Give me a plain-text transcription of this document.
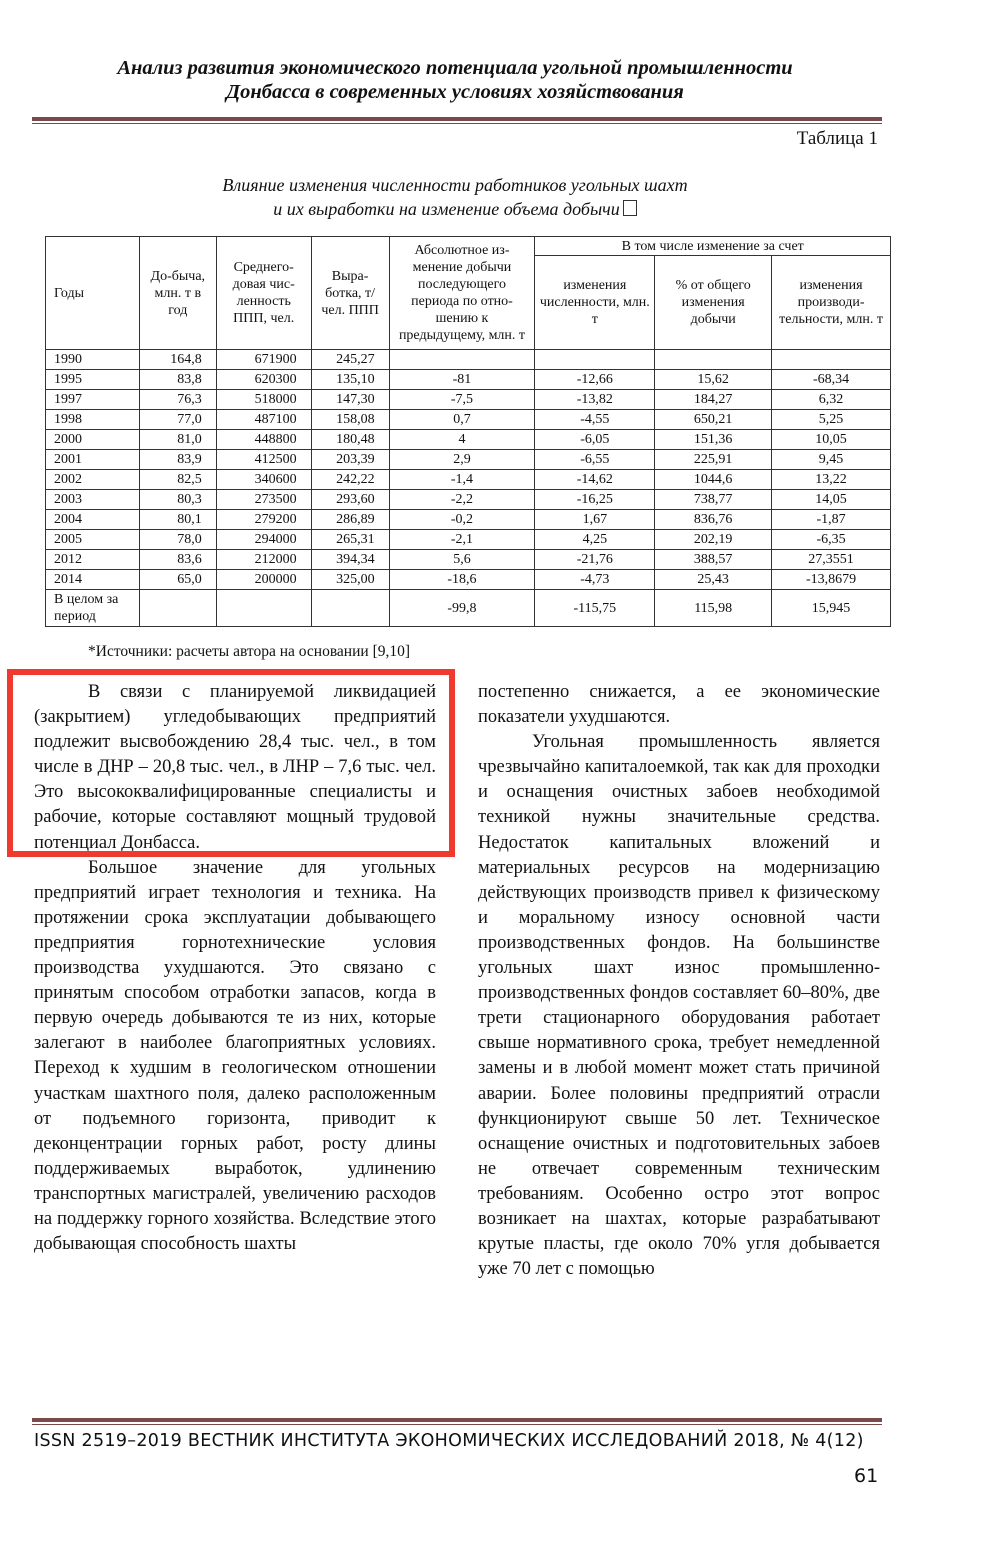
Анализ развития экономического потенциала угольной промышленности
Донбасса в современных условиях хозяйствования
Таблица 1
Влияние изменения численности работников угольных шахт
и их выработки на изменение объема добычи
Годы	До-бычa, млн. т в год	Среднего-довая чис-ленность ППП, чел.	Выра-ботка, т/чел. ППП	Абсолютное из-менение добычи последующего периода по отно-шению к предыдущему, млн. т	В том числе изменение за счет		
					изменения численности, млн. т	% от общего изменения добычи	изменения производи-тельности, млн. т
1990	164,8	671900	245,27				
1995	83,8	620300	135,10	-81	-12,66	15,62	-68,34
1997	76,3	518000	147,30	-7,5	-13,82	184,27	6,32
1998	77,0	487100	158,08	0,7	-4,55	650,21	5,25
2000	81,0	448800	180,48	4	-6,05	151,36	10,05
2001	83,9	412500	203,39	2,9	-6,55	225,91	9,45
2002	82,5	340600	242,22	-1,4	-14,62	1044,6	13,22
2003	80,3	273500	293,60	-2,2	-16,25	738,77	14,05
2004	80,1	279200	286,89	-0,2	1,67	836,76	-1,87
2005	78,0	294000	265,31	-2,1	4,25	202,19	-6,35
2012	83,6	212000	394,34	5,6	-21,76	388,57	27,3551
2014	65,0	200000	325,00	-18,6	-4,73	25,43	-13,8679
В целом за период				-99,8	-115,75	115,98	15,945
*Источники: расчеты автора на основании [9,10]

В связи с планируемой ликвидацией (закрытием) угледобывающих предприятий подлежит высвобождению 28,4 тыс. чел., в том числе в ДНР – 20,8 тыс. чел., в ЛНР – 7,6 тыс. чел. Это высококвалифицированные специалисты и рабочие, которые составляют мощный трудовой потенциал Донбасса.

Большое значение для угольных предприятий играет технология и техника. На протяжении срока эксплуатации добывающего предприятия горнотехнические условия производства ухудшаются. Это связано с принятым способом отработки запасов, когда в первую очередь добываются те из них, которые залегают в наиболее благоприятных условиях. Переход к худшим в геологическом отношении участкам шахтного поля, далеко расположенным от подъемного горизонта, приводит к деконцентрации горных работ, росту длины поддерживаемых выработок, удлинению транспортных магистралей, увеличению расходов на поддержку горного хозяйства. Вследствие этого добывающая способность шахты

постепенно снижается, а ее экономические показатели ухудшаются.

Угольная промышленность является чрезвычайно капиталоемкой, так как для проходки и оснащения очистных забоев необходимой техникой нужны значительные средства. Недостаток капитальных вложений и материальных ресурсов на модернизацию действующих производств привел к физическому и моральному износу основной части производственных фондов. На большинстве угольных шахт износ промышленно-производственных фондов составляет 60–80%, две трети стационарного оборудования работает свыше нормативного срока, требует немедленной замены и в любой момент может стать причиной аварии. Более половины предприятий отрасли функционируют свыше 50 лет. Техническое оснащение очистных и подготовительных забоев не отвечает современным техническим требованиям. Особенно остро этот вопрос возникает на шахтах, которые разрабатывают крутые пласты, где около 70% угля добывается уже 70 лет с помощью

ISSN 2519–2019 ВЕСТНИК ИНСТИТУТА ЭКОНОМИЧЕСКИХ ИССЛЕДОВАНИЙ 2018, № 4(12)
61
